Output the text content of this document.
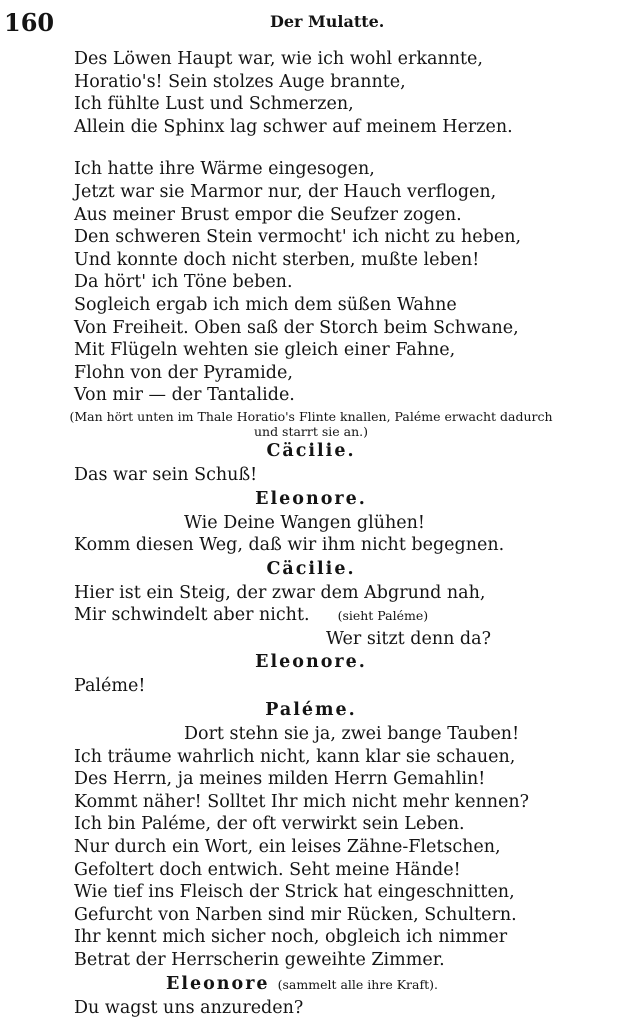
160	Der Mulatte.
Des Löwen Haupt war, wie ich wohl erkannte,
Horatio's! Sein stolzes Auge brannte,
Ich fühlte Lust und Schmerzen,
Allein die Sphinx lag schwer auf meinem Herzen.
Ich hatte ihre Wärme eingesogen,
Jetzt war sie Marmor nur, der Hauch verflogen,
Aus meiner Brust empor die Seufzer zogen.
Den schweren Stein vermocht' ich nicht zu heben,
Und konnte doch nicht sterben, mußte leben!
Da hört' ich Töne beben.
Sogleich ergab ich mich dem süßen Wahne
Von Freiheit. Oben saß der Storch beim Schwane,
Mit Flügeln wehten sie gleich einer Fahne,
Flohn von der Pyramide,
Von mir — der Tantalide.
(Man hört unten im Thale Horatio's Flinte knallen, Paléme erwacht dadurch
und starrt sie an.)
Cäcilie.
Das war sein Schuß!
Eleonore.
Wie Deine Wangen glühen!
Komm diesen Weg, daß wir ihm nicht begegnen.
Cäcilie.
Hier ist ein Steig, der zwar dem Abgrund nah,
Mir schwindelt aber nicht. (sieht Paléme)
Wer sitzt denn da?
Eleonore.
Paléme!
Paléme.
Dort stehn sie ja, zwei bange Tauben!
Ich träume wahrlich nicht, kann klar sie schauen,
Des Herrn, ja meines milden Herrn Gemahlin!
Kommt näher! Solltet Ihr mich nicht mehr kennen?
Ich bin Paléme, der oft verwirkt sein Leben.
Nur durch ein Wort, ein leises Zähne-Fletschen,
Gefoltert doch entwich. Seht meine Hände!
Wie tief ins Fleisch der Strick hat eingeschnitten,
Gefurcht von Narben sind mir Rücken, Schultern.
Ihr kennt mich sicher noch, obgleich ich nimmer
Betrat der Herrscherin geweihte Zimmer.
Eleonore (sammelt alle ihre Kraft).
Du wagst uns anzureden?
